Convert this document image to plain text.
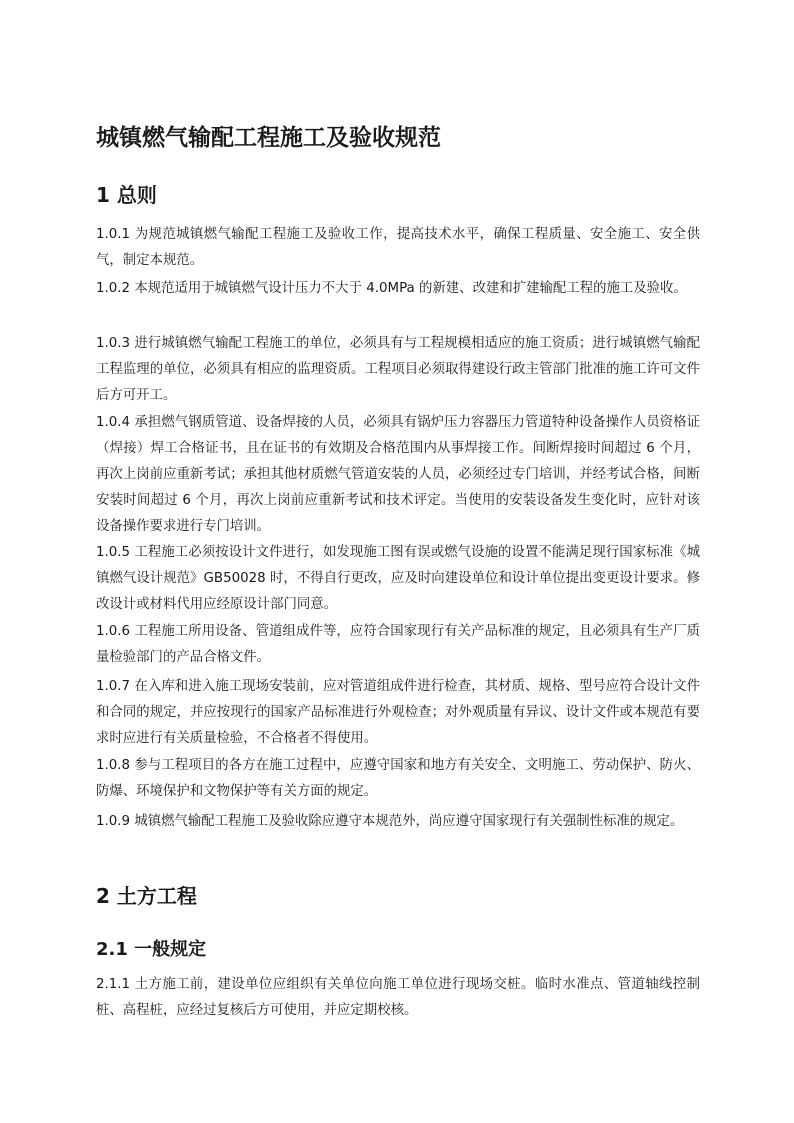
城镇燃气输配工程施工及验收规范
1 总则

1.0.1 为规范城镇燃气输配工程施工及验收工作，提高技术水平，确保工程质量、安全施工、安全供气，制定本规范。

1.0.2 本规范适用于城镇燃气设计压力不大于 4.0MPa 的新建、改建和扩建输配工程的施工及验收。

1.0.3 进行城镇燃气输配工程施工的单位，必须具有与工程规模相适应的施工资质；进行城镇燃气输配工程监理的单位，必须具有相应的监理资质。工程项目必须取得建设行政主管部门批准的施工许可文件后方可开工。

1.0.4 承担燃气钢质管道、设备焊接的人员，必须具有锅炉压力容器压力管道特种设备操作人员资格证（焊接）焊工合格证书，且在证书的有效期及合格范围内从事焊接工作。间断焊接时间超过 6 个月，再次上岗前应重新考试；承担其他材质燃气管道安装的人员，必须经过专门培训，并经考试合格，间断安装时间超过 6 个月，再次上岗前应重新考试和技术评定。当使用的安装设备发生变化时，应针对该设备操作要求进行专门培训。

1.0.5 工程施工必须按设计文件进行，如发现施工图有误或燃气设施的设置不能满足现行国家标准《城镇燃气设计规范》GB50028 时，不得自行更改，应及时向建设单位和设计单位提出变更设计要求。修改设计或材料代用应经原设计部门同意。

1.0.6 工程施工所用设备、管道组成件等，应符合国家现行有关产品标准的规定，且必须具有生产厂质量检验部门的产品合格文件。

1.0.7 在入库和进入施工现场安装前，应对管道组成件进行检查，其材质、规格、型号应符合设计文件和合同的规定，并应按现行的国家产品标准进行外观检查；对外观质量有异议、设计文件或本规范有要求时应进行有关质量检验，不合格者不得使用。

1.0.8 参与工程项目的各方在施工过程中，应遵守国家和地方有关安全、文明施工、劳动保护、防火、防爆、环境保护和文物保护等有关方面的规定。

1.0.9 城镇燃气输配工程施工及验收除应遵守本规范外，尚应遵守国家现行有关强制性标准的规定。

2 土方工程
2.1 一般规定

2.1.1 土方施工前，建设单位应组织有关单位向施工单位进行现场交桩。临时水准点、管道轴线控制桩、高程桩，应经过复核后方可使用，并应定期校核。
